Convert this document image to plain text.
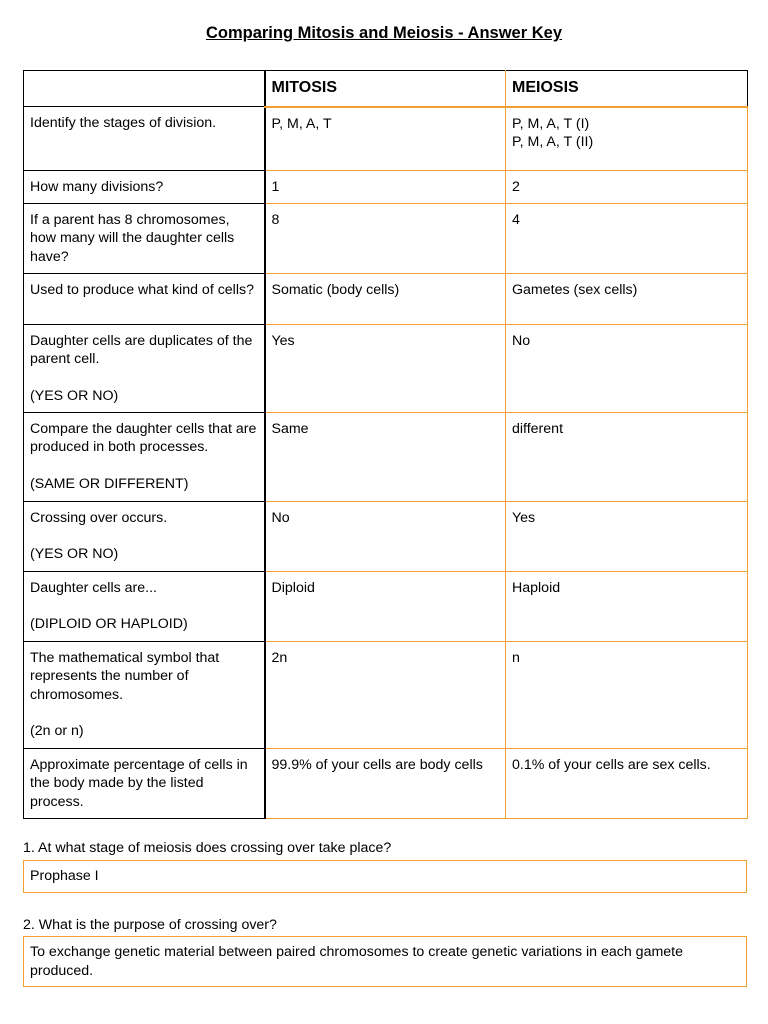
Comparing Mitosis and Meiosis - Answer Key
	MITOSIS	MEIOSIS
Identify the stages of division.	P, M, A, T	P, M, A, T (I)
P, M, A, T (II)

How many divisions?	1	2
If a parent has 8 chromosomes, how many will the daughter cells have?	8	4
Used to produce what kind of cells?	Somatic (body cells)	Gametes (sex cells)

Daughter cells are duplicates of the parent cell.
(YES OR NO)	Yes	No

Compare the daughter cells that are produced in both processes.
(SAME OR DIFFERENT)	Same	different

Crossing over occurs.
(YES OR NO)	No	Yes

Daughter cells are...
(DIPLOID OR HAPLOID)	Diploid	Haploid

The mathematical symbol that represents the number of chromosomes.
(2n or n)	2n	n
Approximate percentage of cells in the body made by the listed process.	99.9% of your cells are body cells	0.1% of your cells are sex cells.
1. At what stage of meiosis does crossing over take place?
Prophase I
2. What is the purpose of crossing over?
To exchange genetic material between paired chromosomes to create genetic variations in each gamete produced.
